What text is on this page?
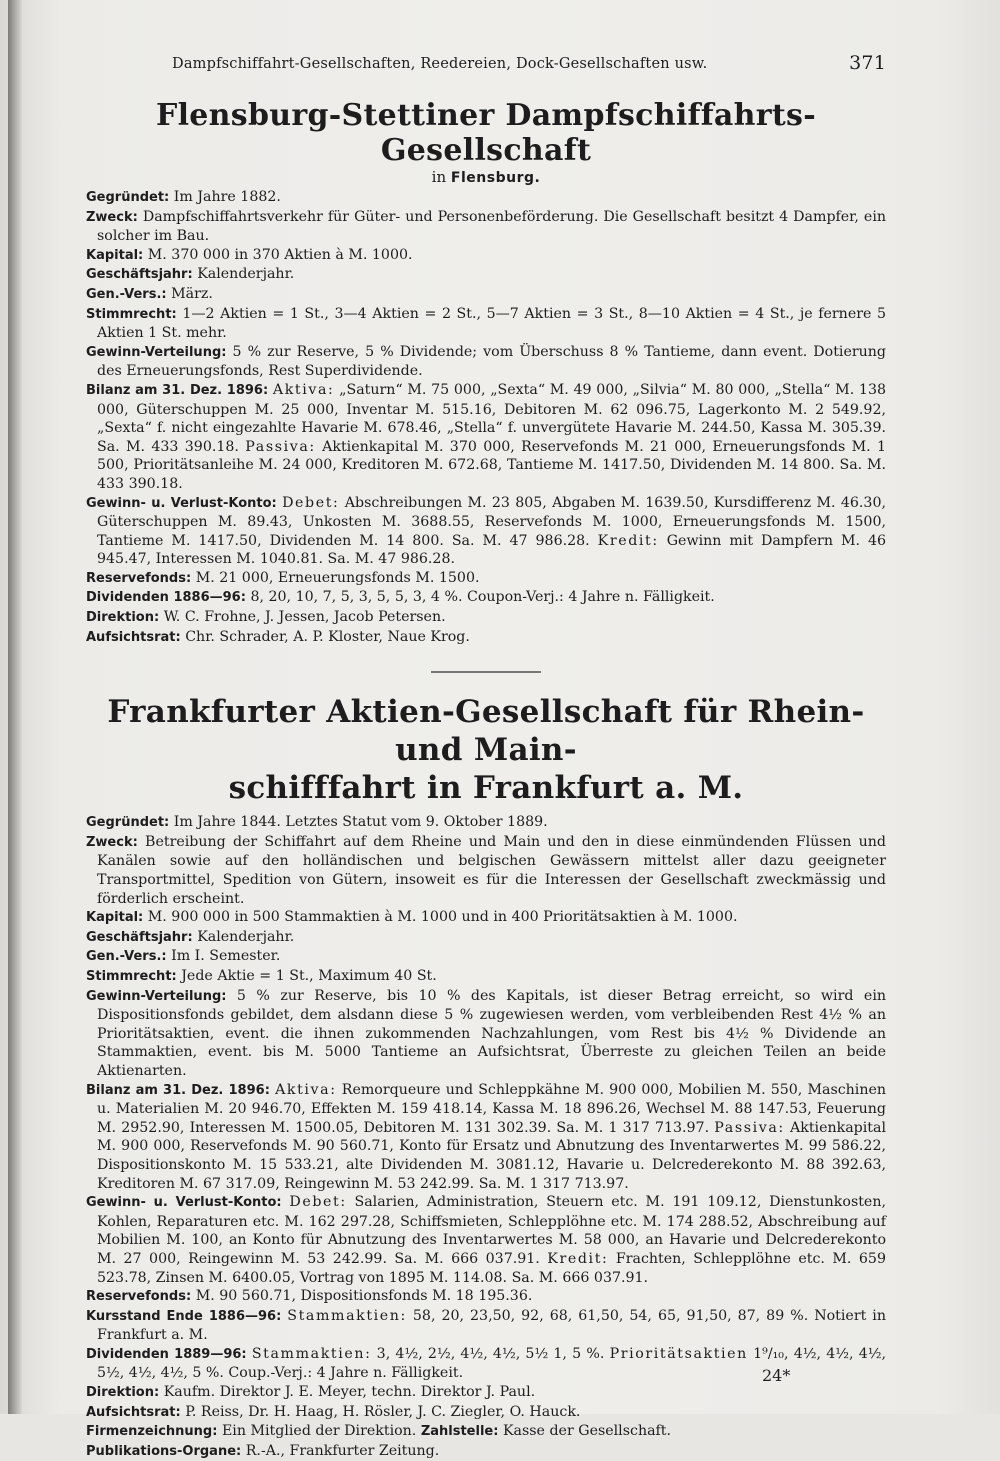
Dampfschiffahrt-Gesellschaften, Reedereien, Dock-Gesellschaften usw.	371
Flensburg-Stettiner Dampfschiffahrts-Gesellschaft

in Flensburg.

Gegründet: Im Jahre 1882.

Zweck: Dampfschiffahrtsverkehr für Güter- und Personenbeförderung. Die Gesellschaft besitzt 4 Dampfer, ein solcher im Bau.

Kapital: M. 370 000 in 370 Aktien à M. 1000.

Geschäftsjahr: Kalenderjahr.

Gen.-Vers.: März.

Stimmrecht: 1—2 Aktien = 1 St., 3—4 Aktien = 2 St., 5—7 Aktien = 3 St., 8—10 Aktien = 4 St., je fernere 5 Aktien 1 St. mehr.

Gewinn-Verteilung: 5 % zur Reserve, 5 % Dividende; vom Überschuss 8 % Tantieme, dann event. Dotierung des Erneuerungsfonds, Rest Superdividende.

Bilanz am 31. Dez. 1896: Aktiva: „Saturn“ M. 75 000, „Sexta“ M. 49 000, „Silvia“ M. 80 000, „Stella“ M. 138 000, Güterschuppen M. 25 000, Inventar M. 515.16, Debitoren M. 62 096.75, Lagerkonto M. 2 549.92, „Sexta“ f. nicht eingezahlte Havarie M. 678.46, „Stella“ f. unvergütete Havarie M. 244.50, Kassa M. 305.39. Sa. M. 433 390.18. Passiva: Aktienkapital M. 370 000, Reservefonds M. 21 000, Erneuerungsfonds M. 1 500, Prioritätsanleihe M. 24 000, Kreditoren M. 672.68, Tantieme M. 1417.50, Dividenden M. 14 800. Sa. M. 433 390.18.

Gewinn- u. Verlust-Konto: Debet: Abschreibungen M. 23 805, Abgaben M. 1639.50, Kursdifferenz M. 46.30, Güterschuppen M. 89.43, Unkosten M. 3688.55, Reservefonds M. 1000, Erneuerungsfonds M. 1500, Tantieme M. 1417.50, Dividenden M. 14 800. Sa. M. 47 986.28. Kredit: Gewinn mit Dampfern M. 46 945.47, Interessen M. 1040.81. Sa. M. 47 986.28.

Reservefonds: M. 21 000, Erneuerungsfonds M. 1500.

Dividenden 1886—96: 8, 20, 10, 7, 5, 3, 5, 5, 3, 4 %. Coupon-Verj.: 4 Jahre n. Fälligkeit.

Direktion: W. C. Frohne, J. Jessen, Jacob Petersen.

Aufsichtsrat: Chr. Schrader, A. P. Kloster, Naue Krog.

Frankfurter Aktien-Gesellschaft für Rhein- und Main-
schifffahrt in Frankfurt a. M.

Gegründet: Im Jahre 1844. Letztes Statut vom 9. Oktober 1889.

Zweck: Betreibung der Schiffahrt auf dem Rheine und Main und den in diese einmündenden Flüssen und Kanälen sowie auf den holländischen und belgischen Gewässern mittelst aller dazu geeigneter Transportmittel, Spedition von Gütern, insoweit es für die Interessen der Gesellschaft zweckmässig und förderlich erscheint.

Kapital: M. 900 000 in 500 Stammaktien à M. 1000 und in 400 Prioritätsaktien à M. 1000.

Geschäftsjahr: Kalenderjahr.

Gen.-Vers.: Im I. Semester.

Stimmrecht: Jede Aktie = 1 St., Maximum 40 St.

Gewinn-Verteilung: 5 % zur Reserve, bis 10 % des Kapitals, ist dieser Betrag erreicht, so wird ein Dispositionsfonds gebildet, dem alsdann diese 5 % zugewiesen werden, vom verbleibenden Rest 4½ % an Prioritätsaktien, event. die ihnen zukommenden Nachzahlungen, vom Rest bis 4½ % Dividende an Stammaktien, event. bis M. 5000 Tantieme an Aufsichtsrat, Überreste zu gleichen Teilen an beide Aktienarten.

Bilanz am 31. Dez. 1896: Aktiva: Remorqueure und Schleppkähne M. 900 000, Mobilien M. 550, Maschinen u. Materialien M. 20 946.70, Effekten M. 159 418.14, Kassa M. 18 896.26, Wechsel M. 88 147.53, Feuerung M. 2952.90, Interessen M. 1500.05, Debitoren M. 131 302.39. Sa. M. 1 317 713.97. Passiva: Aktienkapital M. 900 000, Reservefonds M. 90 560.71, Konto für Ersatz und Abnutzung des Inventarwertes M. 99 586.22, Dispositionskonto M. 15 533.21, alte Dividenden M. 3081.12, Havarie u. Delcrederekonto M. 88 392.63, Kreditoren M. 67 317.09, Reingewinn M. 53 242.99. Sa. M. 1 317 713.97.

Gewinn- u. Verlust-Konto: Debet: Salarien, Administration, Steuern etc. M. 191 109.12, Dienstunkosten, Kohlen, Reparaturen etc. M. 162 297.28, Schiffsmieten, Schlepplöhne etc. M. 174 288.52, Abschreibung auf Mobilien M. 100, an Konto für Abnutzung des Inventarwertes M. 58 000, an Havarie und Delcrederekonto M. 27 000, Reingewinn M. 53 242.99. Sa. M. 666 037.91. Kredit: Frachten, Schlepplöhne etc. M. 659 523.78, Zinsen M. 6400.05, Vortrag von 1895 M. 114.08. Sa. M. 666 037.91.

Reservefonds: M. 90 560.71, Dispositionsfonds M. 18 195.36.

Kursstand Ende 1886—96: Stammaktien: 58, 20, 23,50, 92, 68, 61,50, 54, 65, 91,50, 87, 89 %. Notiert in Frankfurt a. M.

Dividenden 1889—96: Stammaktien: 3, 4½, 2½, 4½, 4½, 5½ 1, 5 %. Prioritätsaktien 1⁹/₁₀, 4½, 4½, 4½, 5½, 4½, 4½, 5 %. Coup.-Verj.: 4 Jahre n. Fälligkeit.

Direktion: Kaufm. Direktor J. E. Meyer, techn. Direktor J. Paul.

Aufsichtsrat: P. Reiss, Dr. H. Haag, H. Rösler, J. C. Ziegler, O. Hauck.

Firmenzeichnung: Ein Mitglied der Direktion. Zahlstelle: Kasse der Gesellschaft.

Publikations-Organe: R.-A., Frankfurter Zeitung.

24*
